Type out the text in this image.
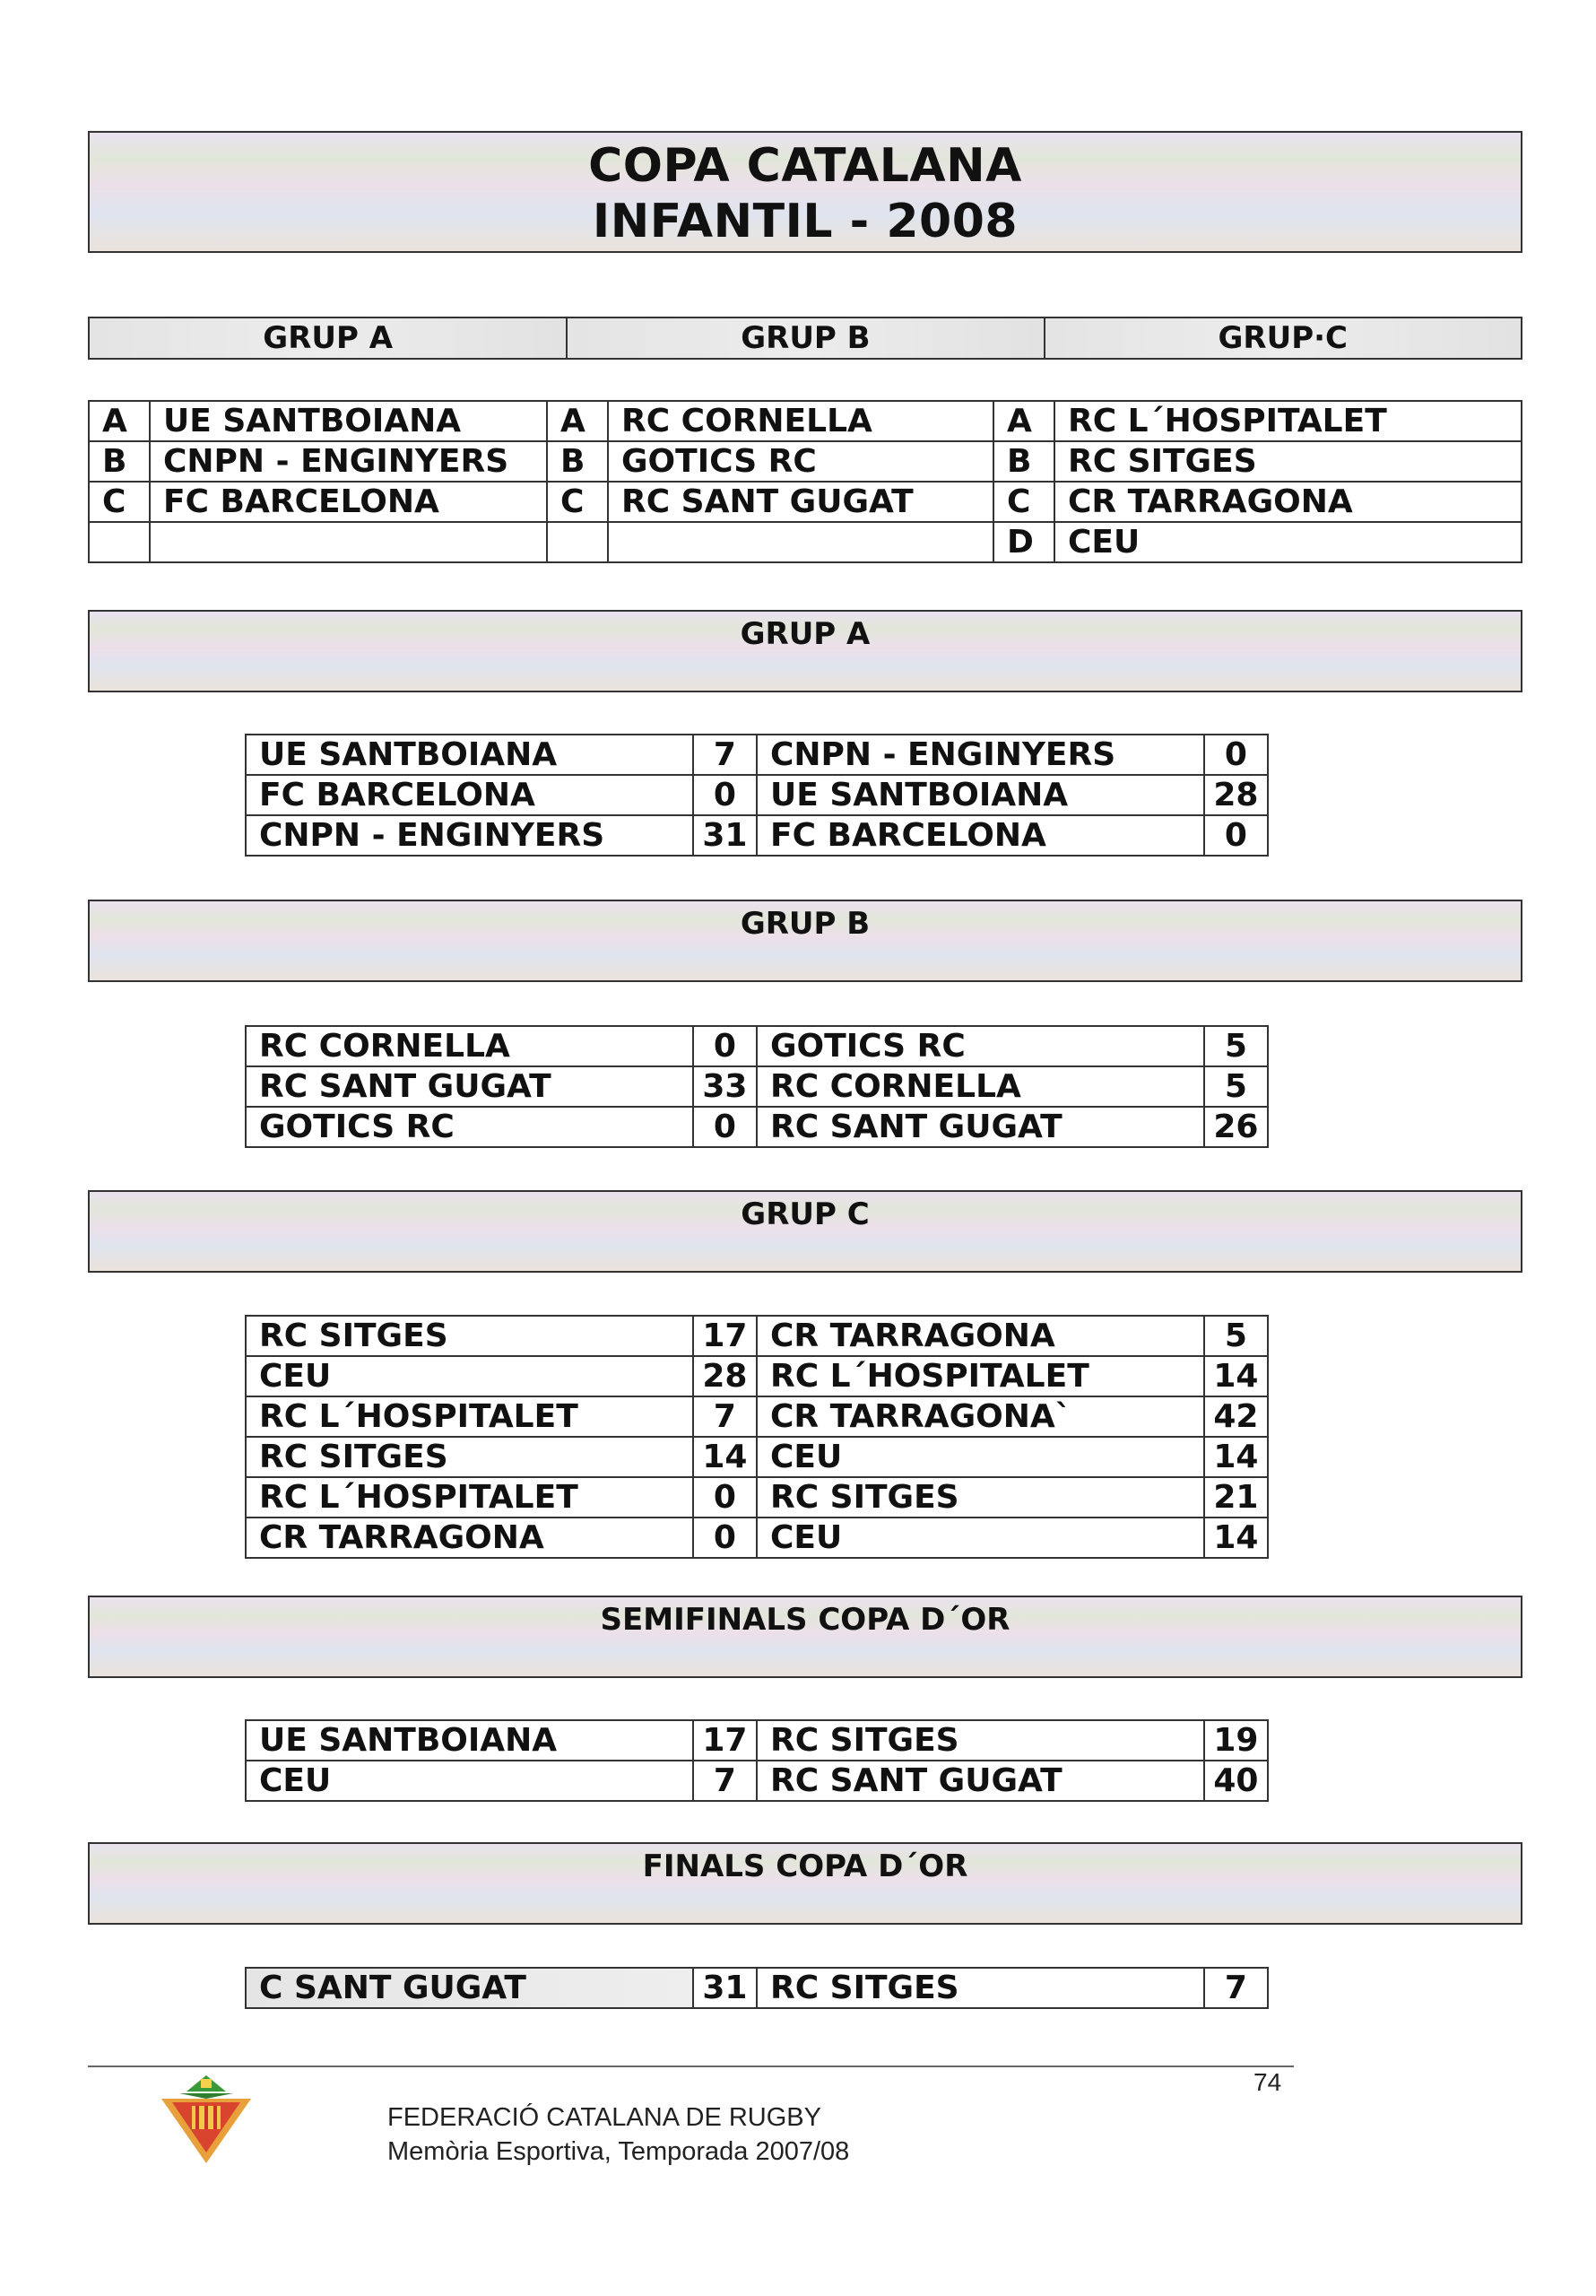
COPA CATALANA
INFANTIL - 2008
GRUP A	GRUP B	GRUP·C
A	UE SANTBOIANA	A	RC CORNELLA	A	RC L´HOSPITALET
B	CNPN - ENGINYERS	B	GOTICS RC	B	RC SITGES
C	FC BARCELONA	C	RC SANT GUGAT	C	CR TARRAGONA
				D	CEU
GRUP A
UE SANTBOIANA	7	CNPN - ENGINYERS	0
FC BARCELONA	0	UE SANTBOIANA	28
CNPN - ENGINYERS	31	FC BARCELONA	0
GRUP B
RC CORNELLA	0	GOTICS RC	5
RC SANT GUGAT	33	RC CORNELLA	5
GOTICS RC	0	RC SANT GUGAT	26
GRUP C
RC SITGES	17	CR TARRAGONA	5
CEU	28	RC L´HOSPITALET	14
RC L´HOSPITALET	7	CR TARRAGONA`	42
RC SITGES	14	CEU	14
RC L´HOSPITALET	0	RC SITGES	21
CR TARRAGONA	0	CEU	14
SEMIFINALS COPA D´OR
UE SANTBOIANA	17	RC SITGES	19
CEU	7	RC SANT GUGAT	40
FINALS COPA D´OR
C SANT GUGAT	31	RC SITGES	7
74
FEDERACIÓ CATALANA DE RUGBY
Memòria Esportiva, Temporada 2007/08
